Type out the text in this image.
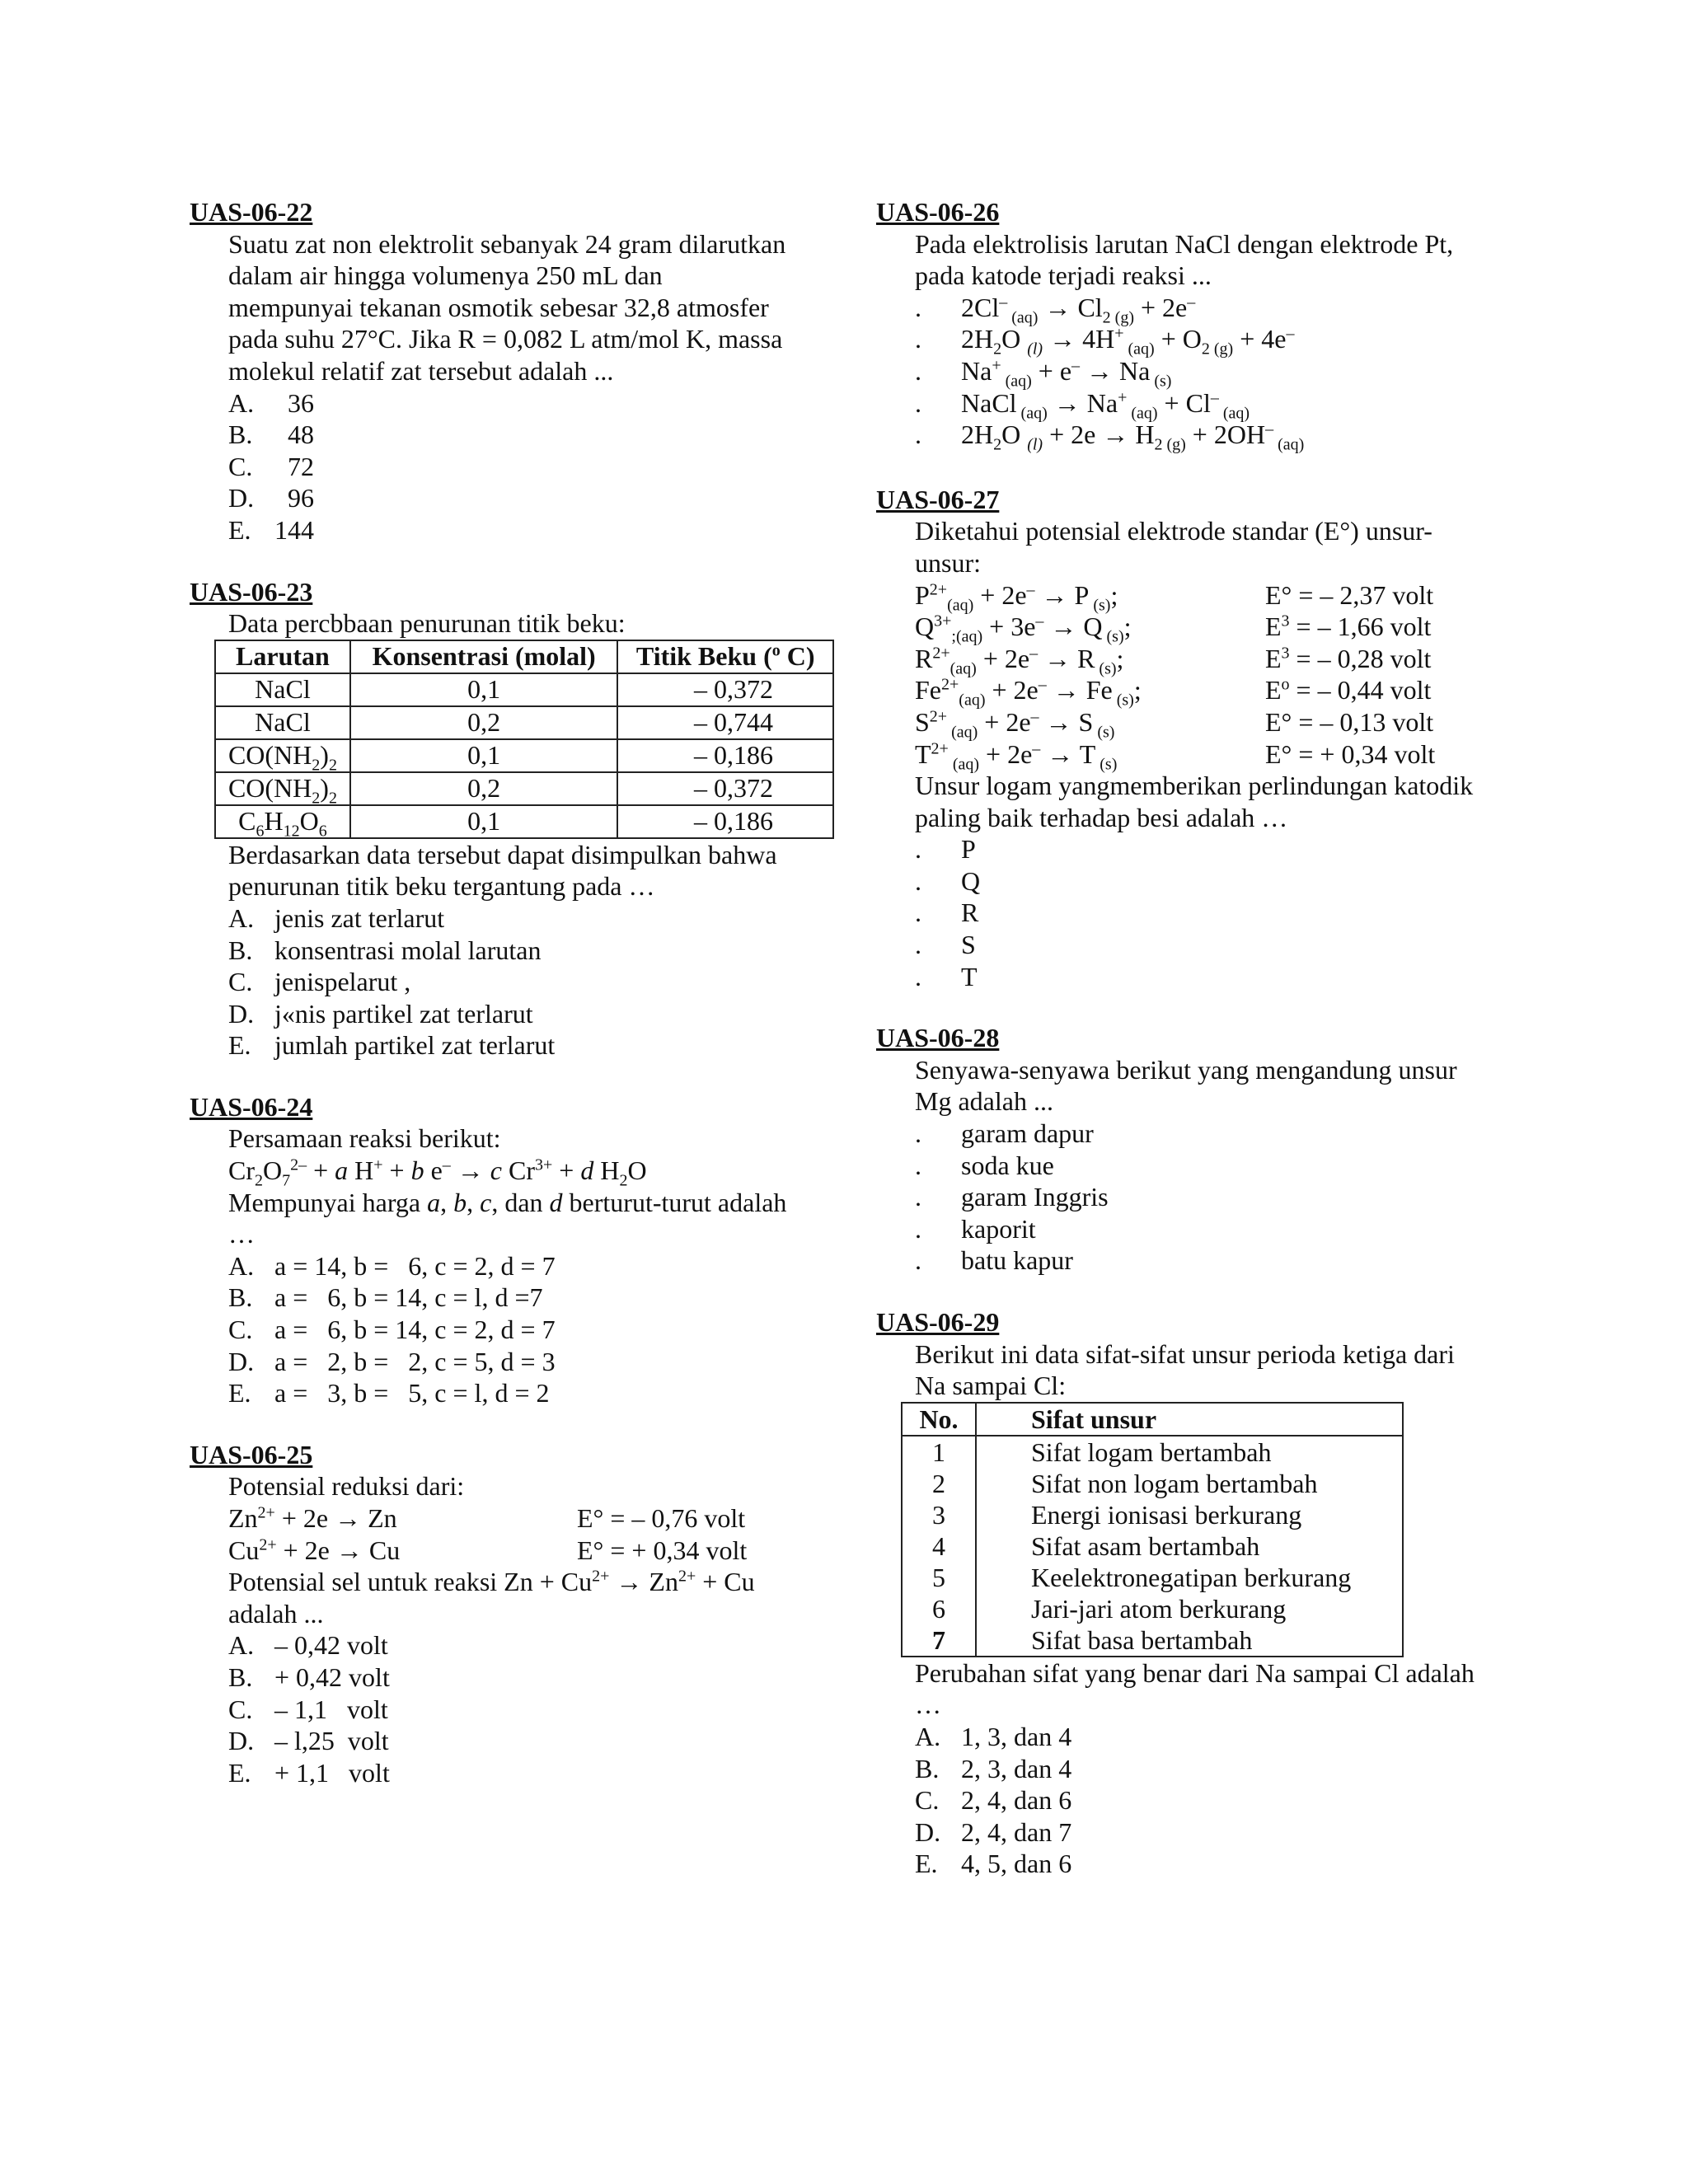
UAS-06-22
Suatu zat non elektrolit sebanyak 24 gram dilarutkan
dalam air hingga volumenya 250 mL dan
mempunyai tekanan osmotik sebesar 32,8 atmosfer
pada suhu 27°C. Jika R = 0,082 L atm/mol K, massa
molekul relatif zat tersebut adalah ...
A. 36
B. 48
C. 72
D. 96
E. 144
UAS-06-23
Data percbbaan penurunan titik beku:
Larutan	Konsentrasi (molal)	Titik Beku ($^o$ C)
NaCl	0,1	– 0,372
NaCl	0,2	– 0,744
$CO(NH_2)_2$	0,1	– 0,186
$CO(NH_2)_2$	0,2	– 0,372
$C_6H_{12}O_6$	0,1	– 0,186
Berdasarkan data tersebut dapat disimpulkan bahwa
penurunan titik beku tergantung pada …
A. jenis zat terlarut
B. konsentrasi molal larutan
C. jenispelarut ,
D. j«nis partikel zat terlarut
E. jumlah partikel zat terlarut
UAS-06-24
Persamaan reaksi berikut:
$Cr_2O_7^{2-} + a$ H+ + b e– → c $Cr^{3+} + d$ $H_2O$
Mempunyai harga a, b, c, dan d berturut-turut adalah
…
A. a = 14, b =   6, c = 2, d = 7
B. a =   6, b = 14, c = l, d =7
C. a =   6, b = 14, c = 2, d = 7
D. a =   2, b =   2, c = 5, d = 3
E. a =   3, b =   5, c = l, d = 2
UAS-06-25
Potensial reduksi dari:
$Zn^{2+} + 2e \to Zn$	E° = – 0,76 volt
$Cu^{2+} + 2e \to Cu$	E° = + 0,34 volt
Potensial sel untuk reaksi $Zn + Cu^{2+} \to Zn^{2+} + Cu$
adalah ...
A. – 0,42 volt
B. + 0,42 volt
C. – 1,1   volt
D. – l,25  volt
E. + 1,1   volt
UAS-06-26
Pada elektrolisis larutan NaCl dengan elektrode Pt,
pada katode terjadi reaksi ...
.	2Cl– $_{(aq)} \to Cl_2$ $_{(g)}$ + 2e–
.	$2H_2O$ $_{(l)}$ → 4H+ $_{(aq)} + O_2$ $_{(g)}$ + 4e–
.	Na+ $_{(aq)}$ + e– → Na $_{(s)}$
.	NaCl $_{(aq)}$ → Na+ $_{(aq)}$ + Cl– $_{(aq)}$
.	$2H_2O$ $_{(l)} + 2e \to H_2$ $_{(g)}$ + 2OH– $_{(aq)}$
UAS-06-27
Diketahui potensial elektrode standar (E°) unsur-
unsur:
$P^{2+}_{(aq)} + 2e^- \to P$ $_{(s)}$;	E° = – 2,37 volt
$Q^{3+}_{;(aq)} + 3e^- \to Q$ $_{(s)}$;	$E^3$ = – 1,66 volt
$R^{2+}_{(aq)} + 2e^- \to R$ $_{(s)}$;	$E^3$ = – 0,28 volt
$Fe^{2+}_{(aq)} + 2e^- \to Fe$ $_{(s)}$;	$E^o$ = – 0,44 volt
$S^{2+}$ $_{(aq)}$ + 2e– → S $_{(s)}$	E° = – 0,13 volt
$T^{2+}$ $_{(aq)}$ + 2e– → T $_{(s)}$	E° = + 0,34 volt
Unsur logam yangmemberikan perlindungan katodik
paling baik terhadap besi adalah …
.	P
.	Q
.	R
.	S
.	T
UAS-06-28
Senyawa-senyawa berikut yang mengandung unsur
Mg adalah ...
.	garam dapur
.	soda kue
.	garam Inggris
.	kaporit
.	batu kapur
UAS-06-29
Berikut ini data sifat-sifat unsur perioda ketiga dari
Na sampai Cl:
No.	Sifat unsur
1	Sifat logam bertambah
2	Sifat non logam bertambah
3	Energi ionisasi berkurang
4	Sifat asam bertambah
5	Keelektronegatipan berkurang
6	Jari-jari atom berkurang
7	Sifat basa bertambah
Perubahan sifat yang benar dari Na sampai Cl adalah
…
A. 1, 3, dan 4
B. 2, 3, dan 4
C. 2, 4, dan 6
D. 2, 4, dan 7
E. 4, 5, dan 6
